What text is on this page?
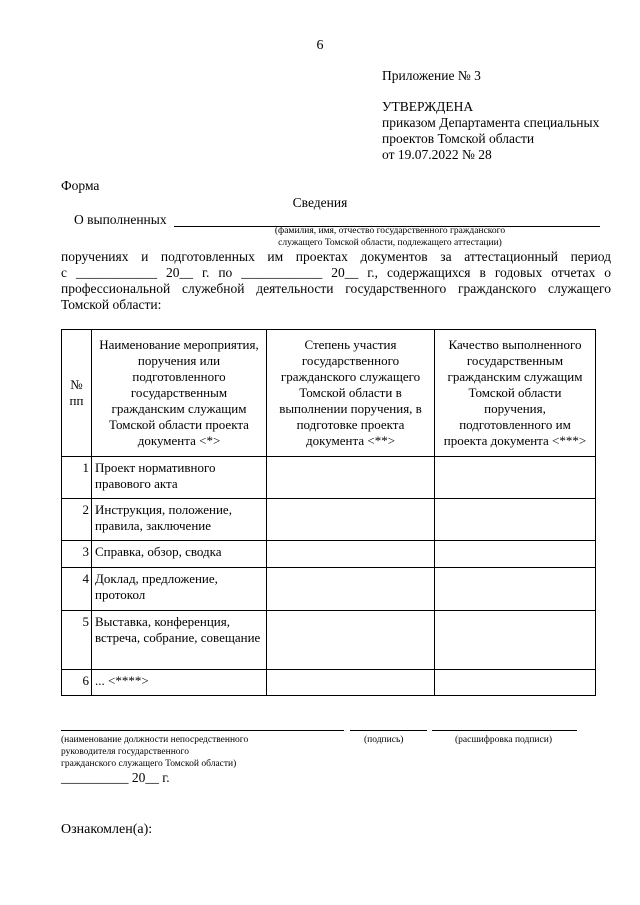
6
Приложение № 3
УТВЕРЖДЕНА
приказом Департамента специальных
проектов Томской области
от 19.07.2022 № 28
Форма
Сведения
О выполненных
(фамилия, имя, отчество государственного гражданского
служащего Томской области, подлежащего аттестации)
поручениях и подготовленных им проектах документов за аттестационный период
с ____________ 20__ г. по ____________ 20__ г., содержащихся в годовых отчетах о
профессиональной служебной деятельности государственного гражданского служащего
Томской области:
№ пп	Наименование мероприятия, поручения или подготовленного государственным гражданским служащим Томской области проекта документа <*>	Степень участия государственного гражданского служащего Томской области в выполнении поручения, в подготовке проекта документа <**>	Качество выполненного государственным гражданским служащим Томской области поручения, подготовленного им проекта документа <***>
1	Проект нормативного правового акта		
2	Инструкция, положение, правила, заключение		
3	Справка, обзор, сводка		
4	Доклад, предложение, протокол		
5	Выставка, конференция, встреча, собрание, совещание		
6	... <****>		
(наименование должности непосредственного
руководителя государственного
гражданского служащего Томской области)
(подпись)	(расшифровка подписи)
__________ 20__ г.
Ознакомлен(а):
